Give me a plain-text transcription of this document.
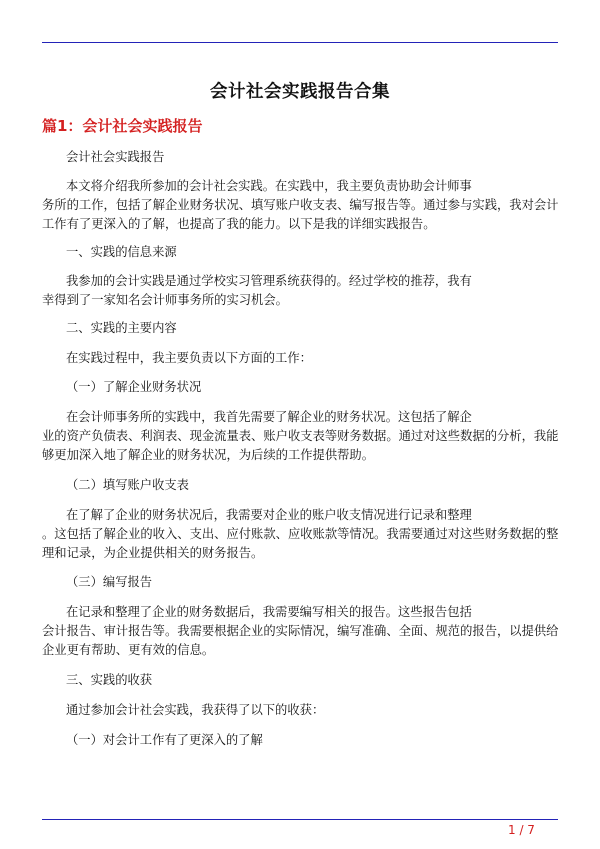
会计社会实践报告合集
篇1：会计社会实践报告
会计社会实践报告
本文将介绍我所参加的会计社会实践。在实践中，我主要负责协助会计师事
务所的工作，包括了解企业财务状况、填写账户收支表、编写报告等。通过参与实践，我对会计
工作有了更深入的了解，也提高了我的能力。以下是我的详细实践报告。
一、实践的信息来源
我参加的会计实践是通过学校实习管理系统获得的。经过学校的推荐，我有
幸得到了一家知名会计师事务所的实习机会。
二、实践的主要内容
在实践过程中，我主要负责以下方面的工作：
（一）了解企业财务状况
在会计师事务所的实践中，我首先需要了解企业的财务状况。这包括了解企
业的资产负债表、利润表、现金流量表、账户收支表等财务数据。通过对这些数据的分析，我能
够更加深入地了解企业的财务状况，为后续的工作提供帮助。
（二）填写账户收支表
在了解了企业的财务状况后，我需要对企业的账户收支情况进行记录和整理
。这包括了解企业的收入、支出、应付账款、应收账款等情况。我需要通过对这些财务数据的整
理和记录，为企业提供相关的财务报告。
（三）编写报告
在记录和整理了企业的财务数据后，我需要编写相关的报告。这些报告包括
会计报告、审计报告等。我需要根据企业的实际情况，编写准确、全面、规范的报告，以提供给
企业更有帮助、更有效的信息。
三、实践的收获
通过参加会计社会实践，我获得了以下的收获：
（一）对会计工作有了更深入的了解
1 / 7
